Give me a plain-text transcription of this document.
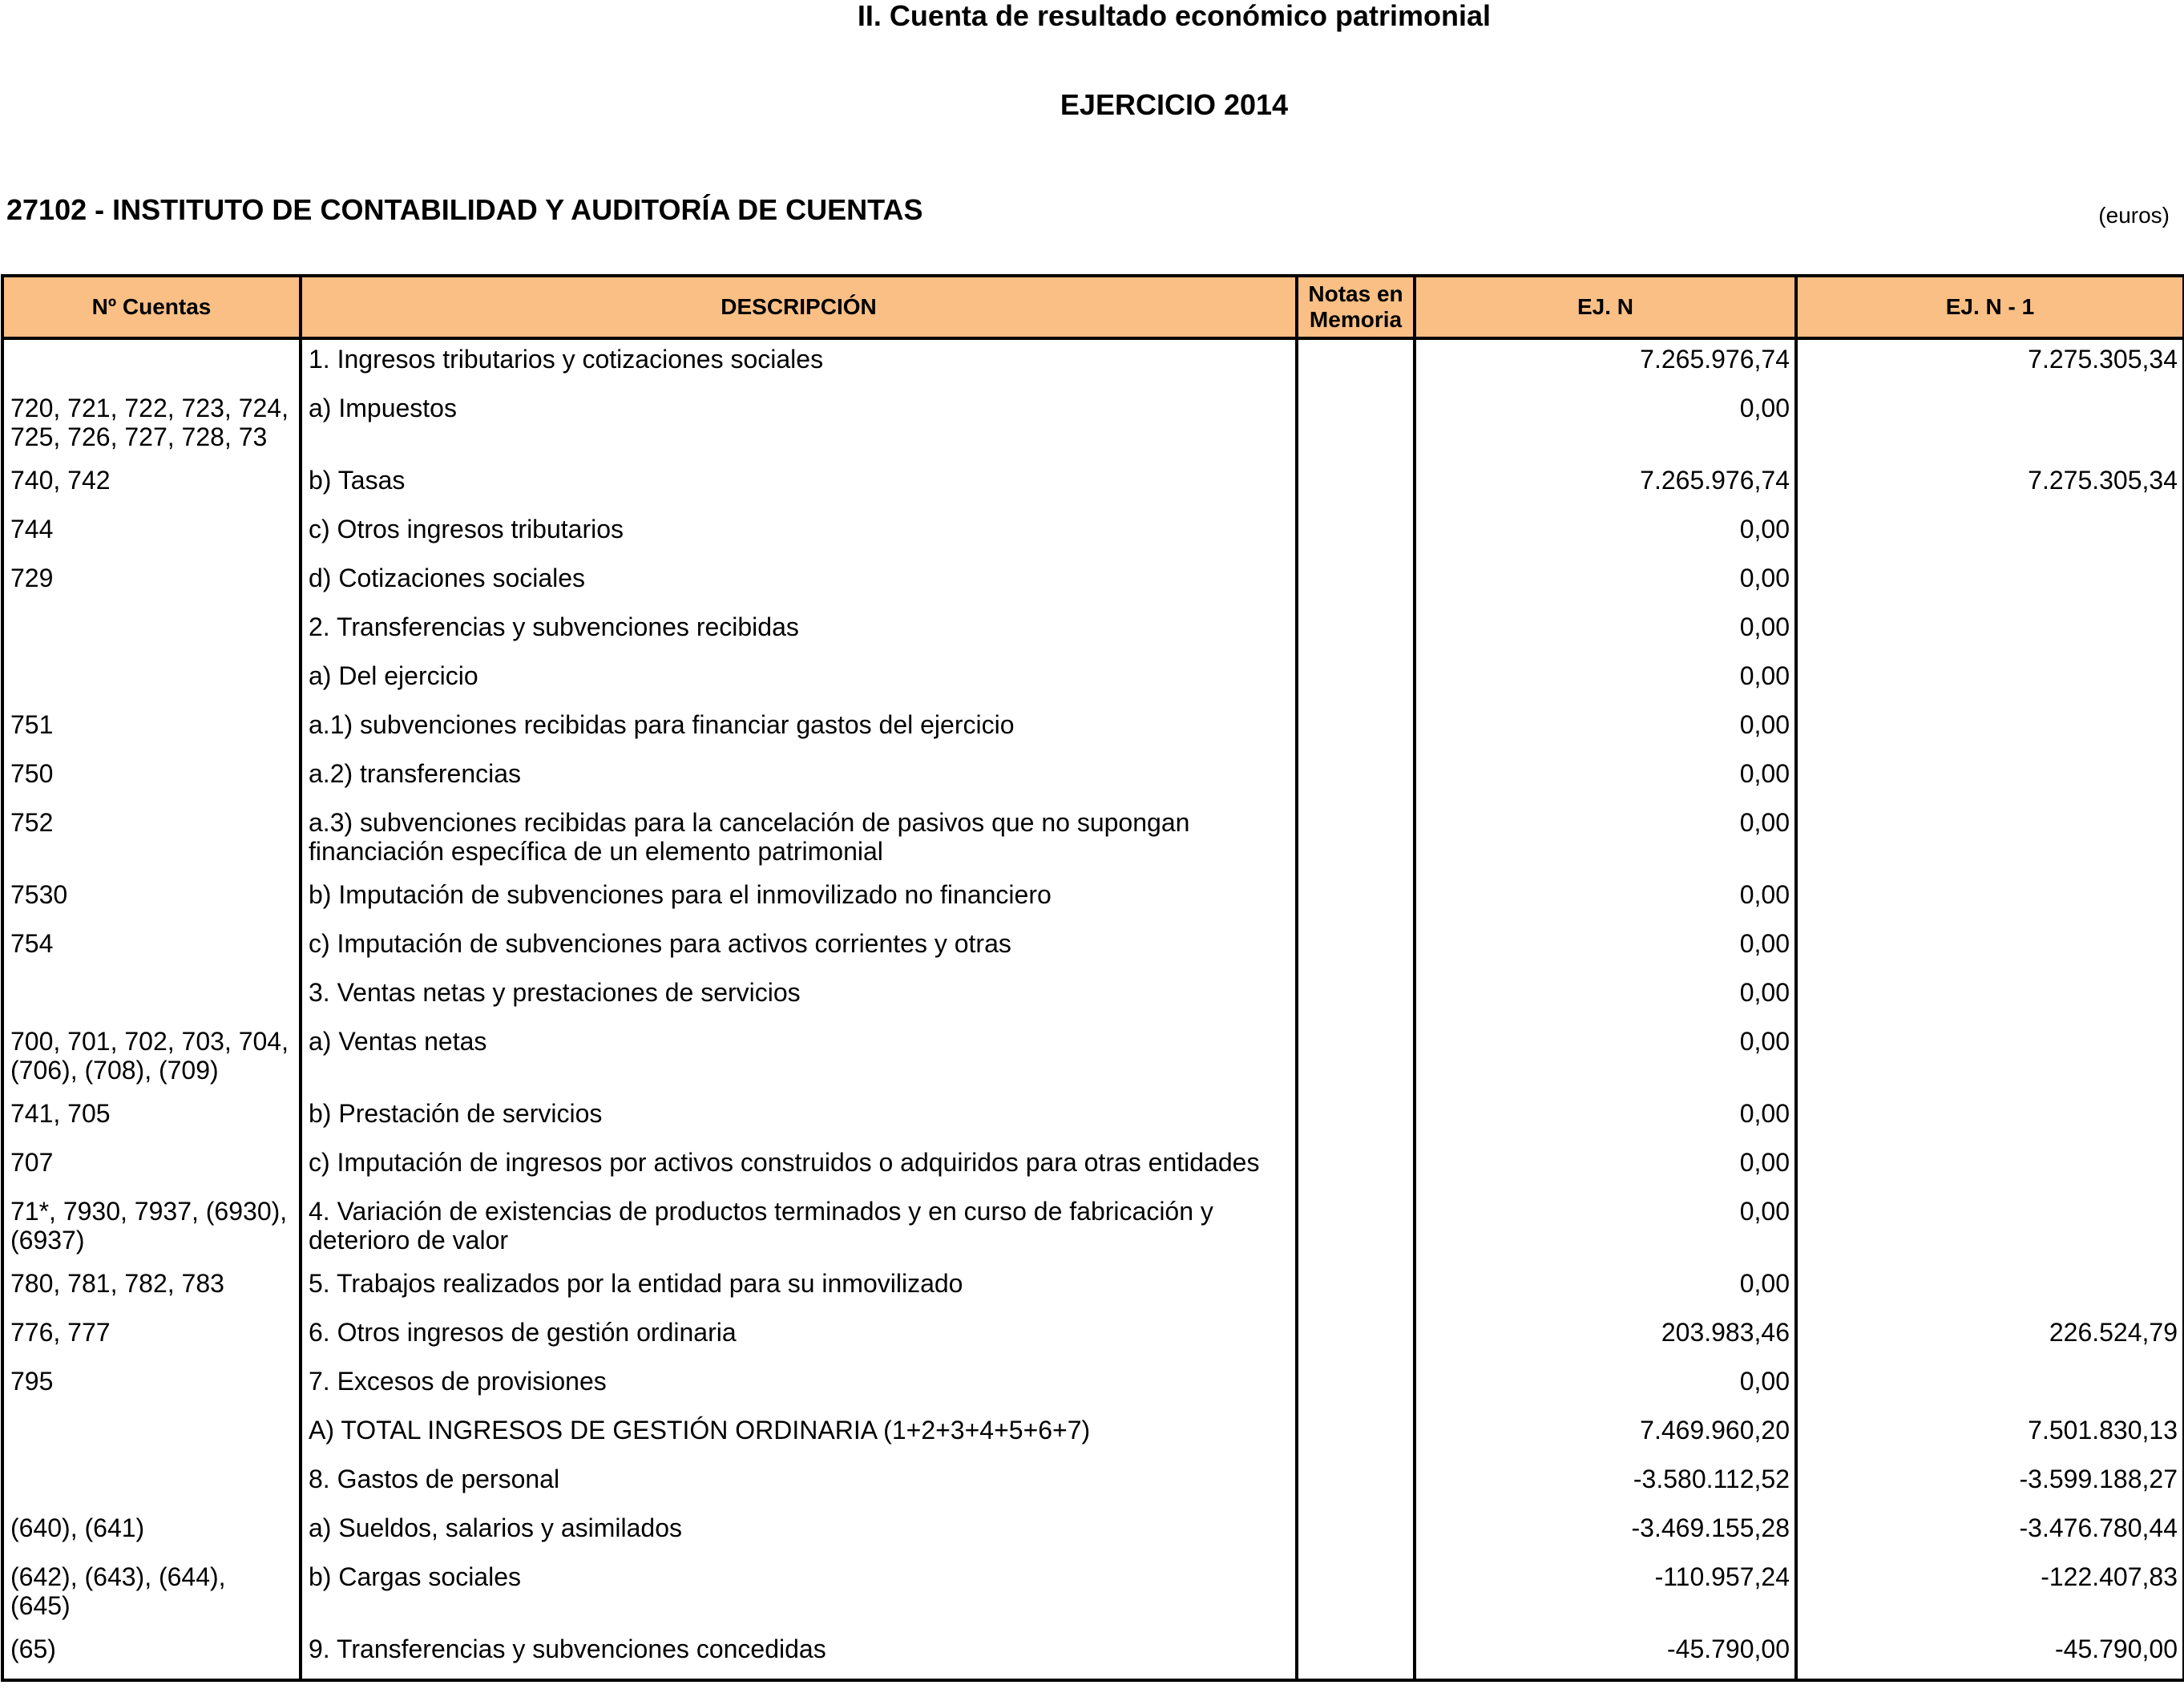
II. Cuenta de resultado económico patrimonial
EJERCICIO 2014
27102 - INSTITUTO DE CONTABILIDAD Y AUDITORÍA DE CUENTAS	(euros)
Nº Cuentas	DESCRIPCIÓN	Notas en Memoria	EJ. N	EJ. N - 1
	1. Ingresos tributarios y cotizaciones sociales		7.265.976,74	7.275.305,34
720, 721, 722, 723, 724, 725, 726, 727, 728, 73	a) Impuestos		0,00	
740, 742	b) Tasas		7.265.976,74	7.275.305,34
744	c) Otros ingresos tributarios		0,00	
729	d) Cotizaciones sociales		0,00	
	2. Transferencias y subvenciones recibidas		0,00	
	a) Del ejercicio		0,00	
751	a.1) subvenciones recibidas para financiar gastos del ejercicio		0,00	
750	a.2) transferencias		0,00	
752	a.3) subvenciones recibidas para la cancelación de pasivos que no supongan financiación específica de un elemento patrimonial		0,00	
7530	b) Imputación de subvenciones para el inmovilizado no financiero		0,00	
754	c) Imputación de subvenciones para activos corrientes y otras		0,00	
	3. Ventas netas y prestaciones de servicios		0,00	
700, 701, 702, 703, 704, (706), (708), (709)	a) Ventas netas		0,00	
741, 705	b) Prestación de servicios		0,00	
707	c) Imputación de ingresos por activos construidos o adquiridos para otras entidades		0,00	
71*, 7930, 7937, (6930), (6937)	4. Variación de existencias de productos terminados y en curso de fabricación y deterioro de valor		0,00	
780, 781, 782, 783	5. Trabajos realizados por la entidad para su inmovilizado		0,00	
776, 777	6. Otros ingresos de gestión ordinaria		203.983,46	226.524,79
795	7. Excesos de provisiones		0,00	
	A) TOTAL INGRESOS DE GESTIÓN ORDINARIA (1+2+3+4+5+6+7)		7.469.960,20	7.501.830,13
	8. Gastos de personal		-3.580.112,52	-3.599.188,27
(640), (641)	a) Sueldos, salarios y asimilados		-3.469.155,28	-3.476.780,44
(642), (643), (644), (645)	b) Cargas sociales		-110.957,24	-122.407,83
(65)	9. Transferencias y subvenciones concedidas		-45.790,00	-45.790,00
